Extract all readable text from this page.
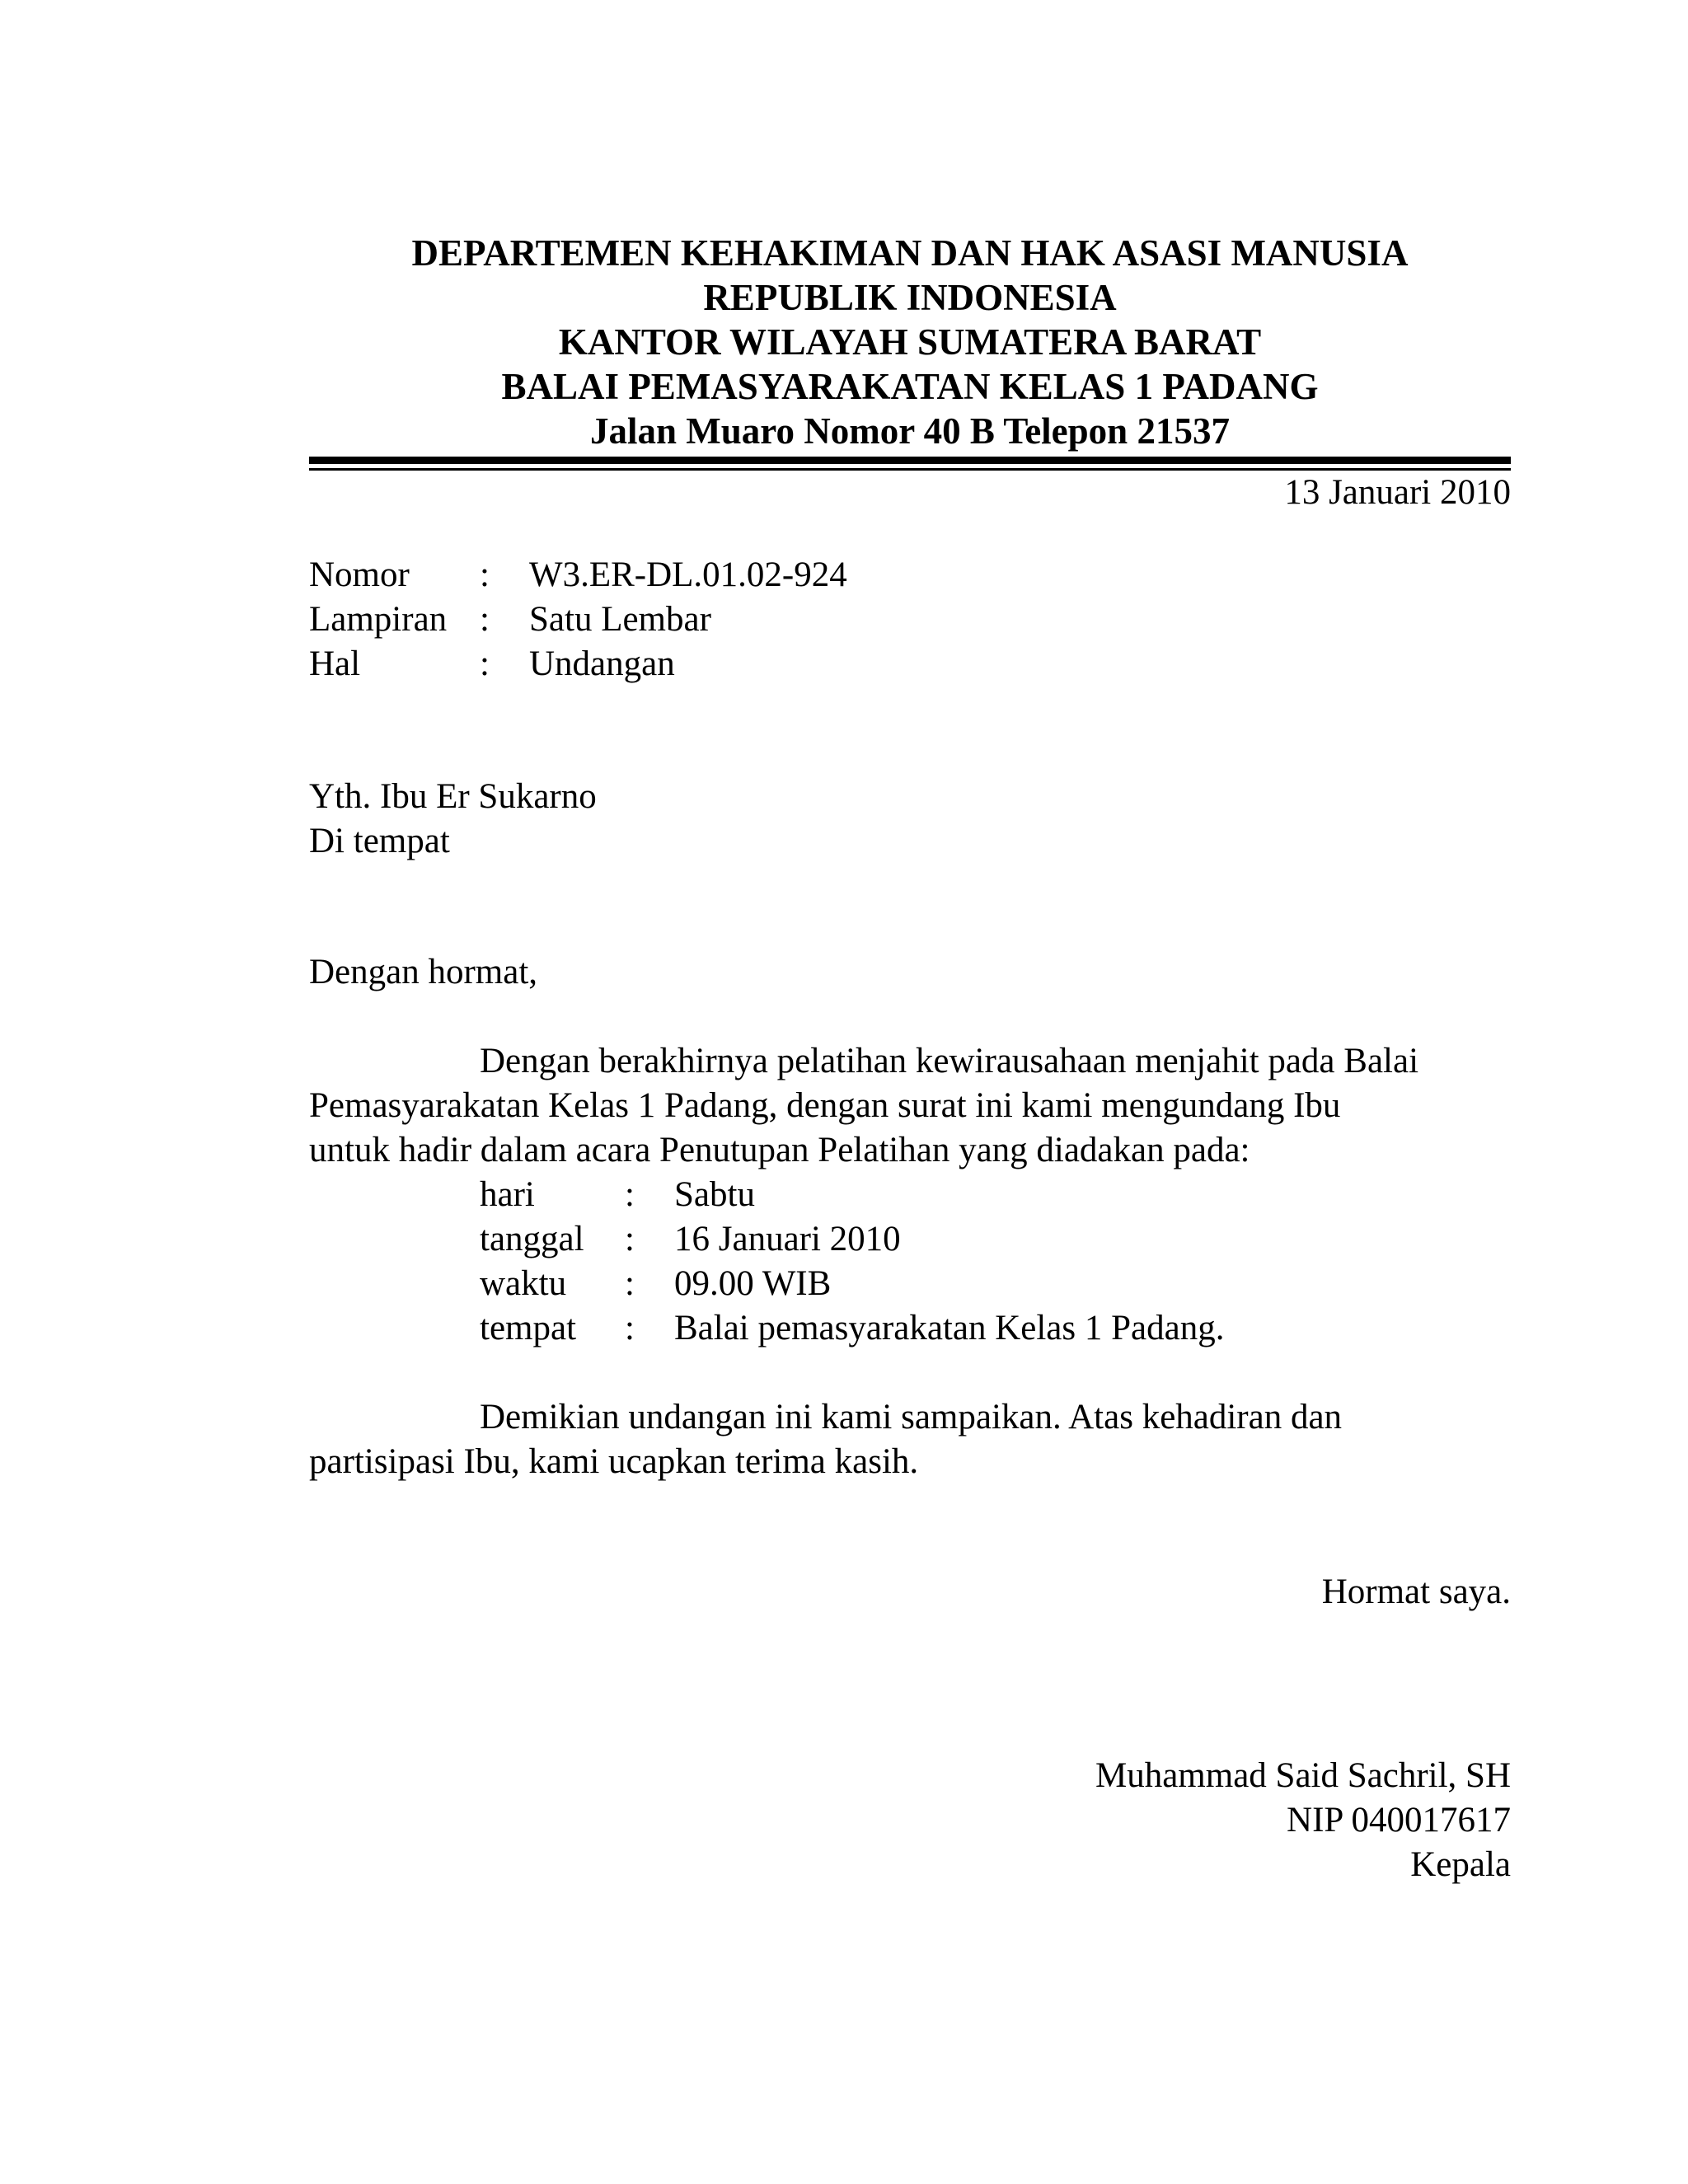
DEPARTEMEN KEHAKIMAN DAN HAK ASASI MANUSIA
REPUBLIK INDONESIA
KANTOR WILAYAH SUMATERA BARAT
BALAI PEMASYARAKATAN KELAS 1 PADANG
Jalan Muaro Nomor 40 B Telepon 21537
13 Januari 2010
Nomor : W3.ER-DL.01.02-924
Lampiran : Satu Lembar
Hal	: Undangan
Yth. Ibu Er Sukarno
Di tempat
Dengan hormat,
Dengan berakhirnya pelatihan kewirausahaan menjahit pada Balai
Pemasyarakatan Kelas 1 Padang, dengan surat ini kami mengundang Ibu
untuk hadir dalam acara Penutupan Pelatihan yang diadakan pada:
hari	: Sabtu
tanggal : 16 Januari 2010
waktu : 09.00 WIB
tempat : Balai pemasyarakatan Kelas 1 Padang.
Demikian undangan ini kami sampaikan. Atas kehadiran dan
partisipasi Ibu, kami ucapkan terima kasih.
Hormat saya.
Muhammad Said Sachril, SH
NIP 040017617
Kepala
